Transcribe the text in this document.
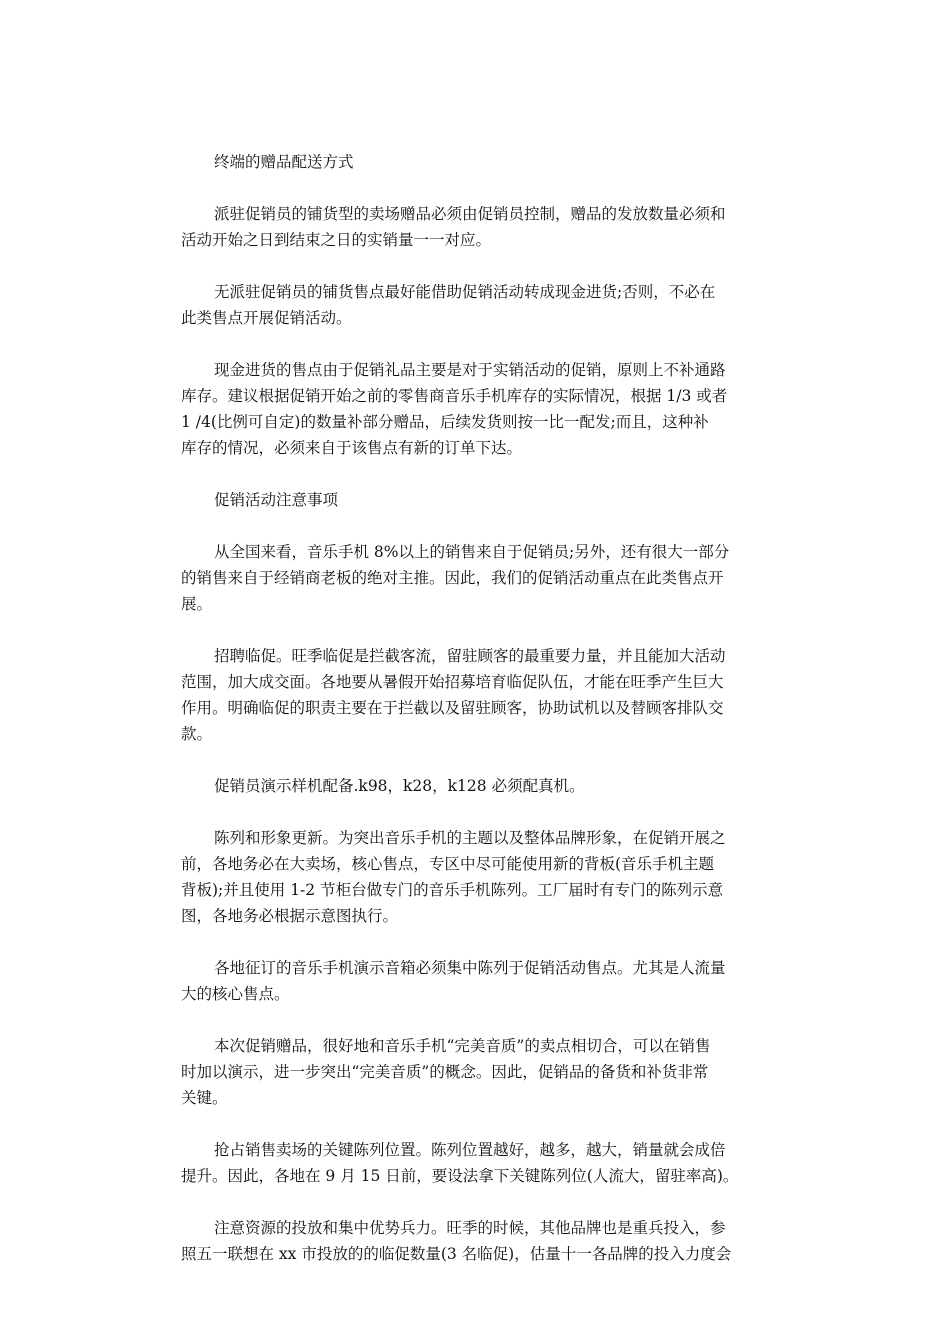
终端的赠品配送方式
派驻促销员的铺货型的卖场赠品必须由促销员控制，赠品的发放数量必须和
活动开始之日到结束之日的实销量一一对应。
无派驻促销员的铺货售点最好能借助促销活动转成现金进货;否则，不必在
此类售点开展促销活动。
现金进货的售点由于促销礼品主要是对于实销活动的促销，原则上不补通路
库存。建议根据促销开始之前的零售商音乐手机库存的实际情况，根据 1/3 或者
1 /4(比例可自定)的数量补部分赠品，后续发货则按一比一配发;而且，这种补
库存的情况，必须来自于该售点有新的订单下达。
促销活动注意事项
从全国来看，音乐手机 8%以上的销售来自于促销员;另外，还有很大一部分
的销售来自于经销商老板的绝对主推。因此，我们的促销活动重点在此类售点开
展。
招聘临促。旺季临促是拦截客流，留驻顾客的最重要力量，并且能加大活动
范围，加大成交面。各地要从暑假开始招募培育临促队伍，才能在旺季产生巨大
作用。明确临促的职责主要在于拦截以及留驻顾客，协助试机以及替顾客排队交
款。
促销员演示样机配备.k98，k28，k128 必须配真机。
陈列和形象更新。为突出音乐手机的主题以及整体品牌形象，在促销开展之
前，各地务必在大卖场，核心售点，专区中尽可能使用新的背板(音乐手机主题
背板);并且使用 1-2 节柜台做专门的音乐手机陈列。工厂届时有专门的陈列示意
图，各地务必根据示意图执行。
各地征订的音乐手机演示音箱必须集中陈列于促销活动售点。尤其是人流量
大的核心售点。
本次促销赠品，很好地和音乐手机“完美音质”的卖点相切合，可以在销售
时加以演示，进一步突出“完美音质”的概念。因此，促销品的备货和补货非常
关键。
抢占销售卖场的关键陈列位置。陈列位置越好，越多，越大，销量就会成倍
提升。因此，各地在 9 月 15 日前，要设法拿下关键陈列位(人流大，留驻率高)。
注意资源的投放和集中优势兵力。旺季的时候，其他品牌也是重兵投入，参
照五一联想在 xx 市投放的的临促数量(3 名临促)，估量十一各品牌的投入力度会
